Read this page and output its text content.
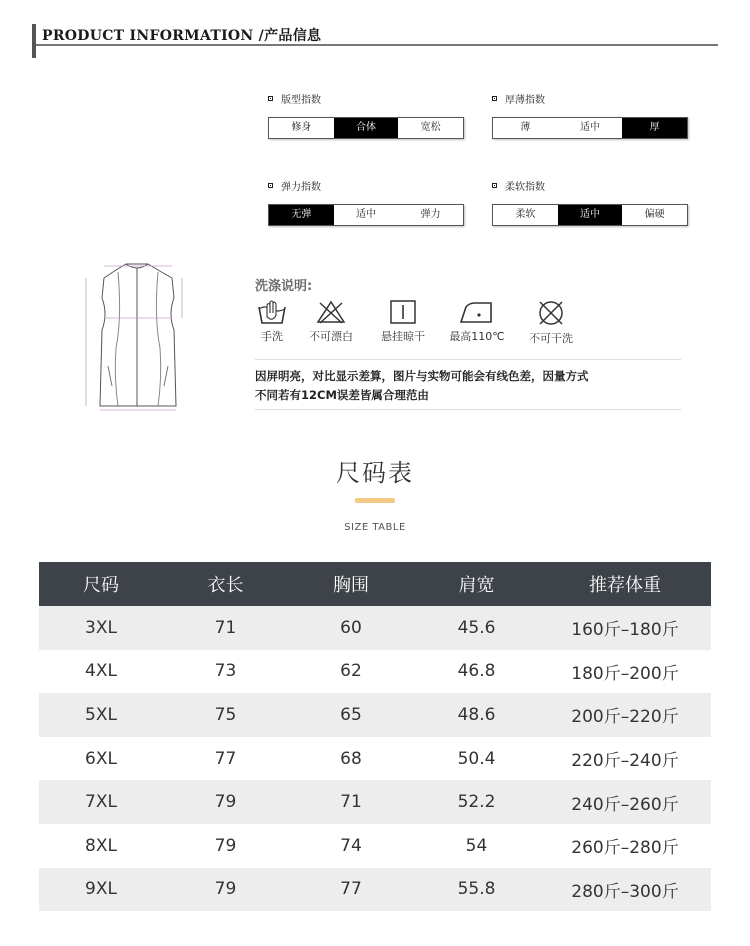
PRODUCT INFORMATION /产品信息
版型指数
修身	合体	宽松
厚薄指数
薄	适中	厚
弹力指数
无弹	适中	弹力
柔软指数
柔软	适中	偏硬
洗涤说明:
手洗	不可漂白	悬挂晾干	最高110℃	不可干洗
因屏明亮，对比显示差算，图片与实物可能会有线色差，因量方式
不同若有12CM误差皆属合理范由
尺码表
SIZE TABLE
尺码	衣长	胸围	肩宽	推荐体重
3XL	71	60	45.6	160斤–180斤
4XL	73	62	46.8	180斤–200斤
5XL	75	65	48.6	200斤–220斤
6XL	77	68	50.4	220斤–240斤
7XL	79	71	52.2	240斤–260斤
8XL	79	74	54	260斤–280斤
9XL	79	77	55.8	280斤–300斤
